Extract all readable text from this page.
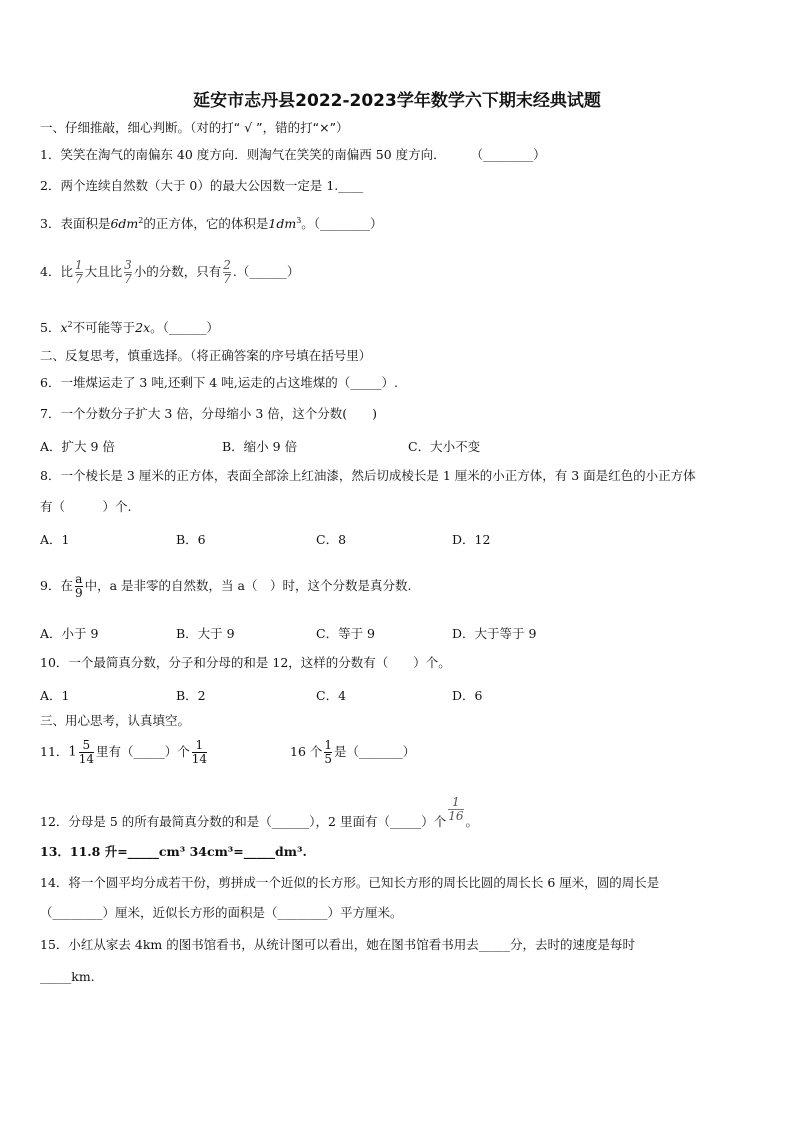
延安市志丹县2022-2023学年数学六下期末经典试题
一、仔细推敲，细心判断。（对的打“ √ ”，错的打“×”）
1．笑笑在淘气的南偏东 40 度方向．则淘气在笑笑的南偏西 50 度方向．　　　（________）
2．两个连续自然数（大于 0）的最大公因数一定是 1.____
3．表面积是$6dm^2$的正方体，它的体积是$1dm^3$。（________）
4．比 $\frac{1}{7}$ 大且比 $\frac{3}{7}$ 小的分数，只有 $\frac{2}{7}$ .（______）
5．$x^2$不可能等于2x。（______）
二、反复思考，慎重选择。（将正确答案的序号填在括号里）
6．一堆煤运走了 3 吨,还剩下 4 吨,运走的占这堆煤的（_____）.
7．一个分数分子扩大 3 倍，分母缩小 3 倍，这个分数(　　)
A．扩大 9 倍	B．缩小 9 倍	C．大小不变
8．一个棱长是 3 厘米的正方体，表面全部涂上红油漆，然后切成棱长是 1 厘米的小正方体，有 3 面是红色的小正方体
有（　　　）个.
A．1	B．6	C．8	D．12
9．在 $\frac{a}{9}$ 中，a 是非零的自然数，当 a（　）时，这个分数是真分数.
A．小于 9	B．大于 9	C．等于 9	D．大于等于 9
10．一个最简真分数，分子和分母的和是 12，这样的分数有（　　）个。
A．1	B．2	C．4	D．6
三、用心思考，认真填空。
11．$1 \frac{5}{14}$ 里有（_____）个 $\frac{1}{14}$	16 个 $\frac{1}{5}$ 是（_______）
12．分母是 5 的所有最简真分数的和是（______），2 里面有（_____）个 $\frac{1}{16}$ 。
13．11.8 升=_____cm³ 34cm³=_____dm³.
14．将一个圆平均分成若干份，剪拼成一个近似的长方形。已知长方形的周长比圆的周长长 6 厘米，圆的周长是
（________）厘米，近似长方形的面积是（________）平方厘米。
15．小红从家去 4km 的图书馆看书，从统计图可以看出，她在图书馆看书用去_____分，去时的速度是每时
_____km.
